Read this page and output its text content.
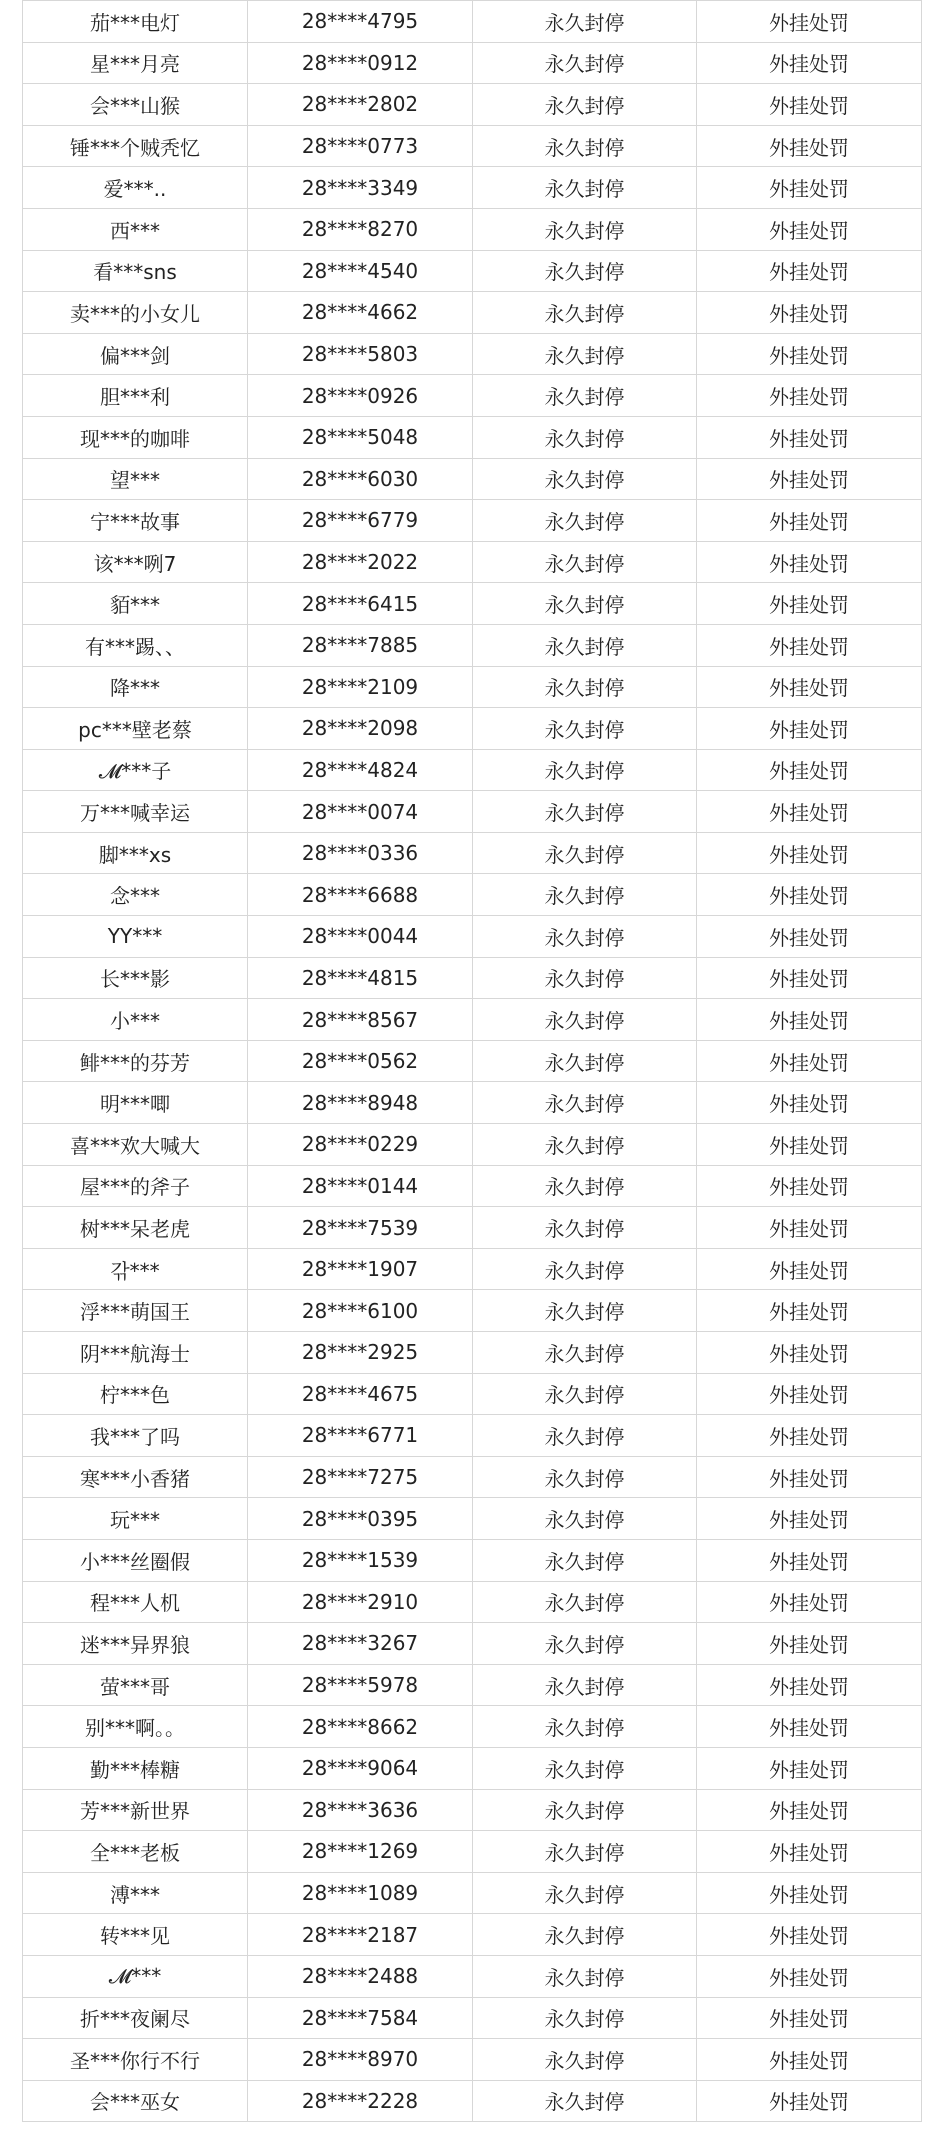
茄***电灯	28****4795	永久封停	外挂处罚
星***月亮	28****0912	永久封停	外挂处罚
会***山猴	28****2802	永久封停	外挂处罚
锤***个贼秃忆	28****0773	永久封停	外挂处罚
爱***..	28****3349	永久封停	外挂处罚
西***	28****8270	永久封停	外挂处罚
看***sns	28****4540	永久封停	外挂处罚
卖***的小女儿	28****4662	永久封停	外挂处罚
偏***剑	28****5803	永久封停	外挂处罚
胆***利	28****0926	永久封停	外挂处罚
现***的咖啡	28****5048	永久封停	外挂处罚
望***	28****6030	永久封停	外挂处罚
宁***故事	28****6779	永久封停	外挂处罚
该***咧7	28****2022	永久封停	外挂处罚
貊***	28****6415	永久封停	外挂处罚
有***踢、、	28****7885	永久封停	外挂处罚
降***	28****2109	永久封停	外挂处罚
pc***壁老蔡	28****2098	永久封停	外挂处罚
𝓜***子	28****4824	永久封停	外挂处罚
万***喊幸运	28****0074	永久封停	外挂处罚
脚***xs	28****0336	永久封停	外挂处罚
念***	28****6688	永久封停	外挂处罚
YY***	28****0044	永久封停	外挂处罚
长***影	28****4815	永久封停	外挂处罚
小***	28****8567	永久封停	外挂处罚
鲱***的芬芳	28****0562	永久封停	外挂处罚
明***唧	28****8948	永久封停	外挂处罚
喜***欢大喊大	28****0229	永久封停	外挂处罚
屋***的斧子	28****0144	永久封停	外挂处罚
树***呆老虎	28****7539	永久封停	外挂处罚
갂***	28****1907	永久封停	外挂处罚
浮***萌国王	28****6100	永久封停	外挂处罚
阴***航海士	28****2925	永久封停	外挂处罚
柠***色	28****4675	永久封停	外挂处罚
我***了吗	28****6771	永久封停	外挂处罚
寒***小香猪	28****7275	永久封停	外挂处罚
玩***	28****0395	永久封停	外挂处罚
小***丝圈假	28****1539	永久封停	外挂处罚
程***人机	28****2910	永久封停	外挂处罚
迷***异界狼	28****3267	永久封停	外挂处罚
萤***哥	28****5978	永久封停	外挂处罚
别***啊。。	28****8662	永久封停	外挂处罚
勤***棒糖	28****9064	永久封停	外挂处罚
芳***新世界	28****3636	永久封停	外挂处罚
全***老板	28****1269	永久封停	外挂处罚
溥***	28****1089	永久封停	外挂处罚
转***见	28****2187	永久封停	外挂处罚
𝓜***	28****2488	永久封停	外挂处罚
折***夜阑尽	28****7584	永久封停	外挂处罚
圣***你行不行	28****8970	永久封停	外挂处罚
会***巫女	28****2228	永久封停	外挂处罚
